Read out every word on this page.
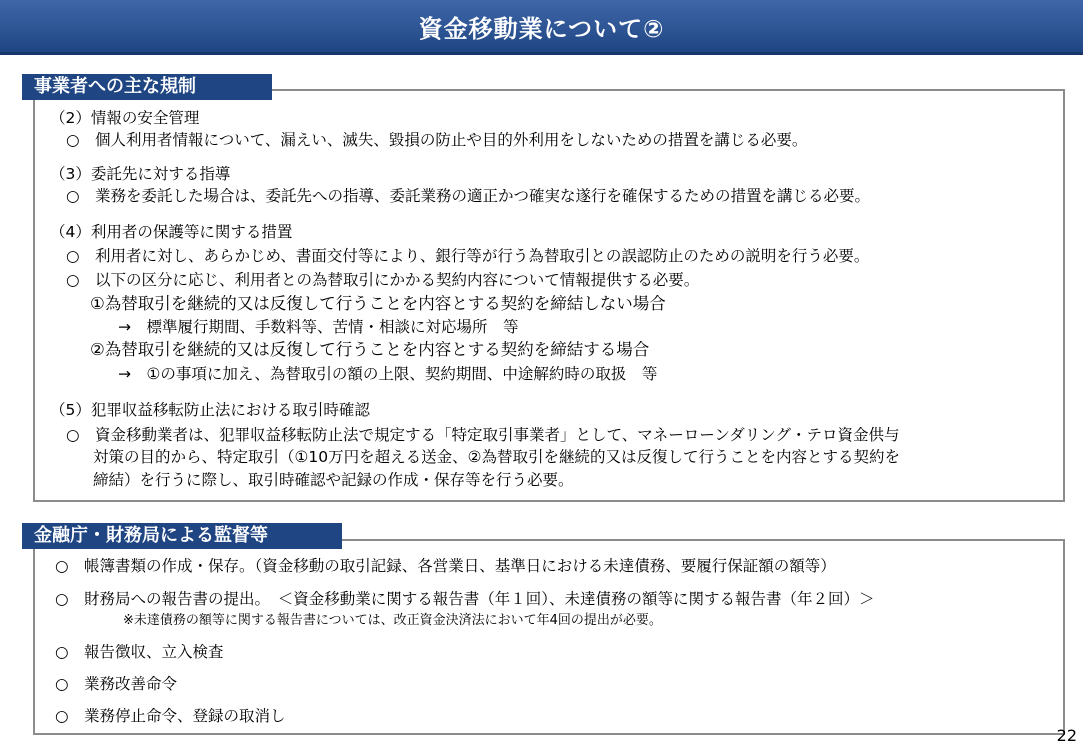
資金移動業について②
事業者への主な規制
（2）情報の安全管理
○　個人利用者情報について、漏えい、滅失、毀損の防止や目的外利用をしないための措置を講じる必要。
（3）委託先に対する指導
○　業務を委託した場合は、委託先への指導、委託業務の適正かつ確実な遂行を確保するための措置を講じる必要。
（4）利用者の保護等に関する措置
○　利用者に対し、あらかじめ、書面交付等により、銀行等が行う為替取引との誤認防止のための説明を行う必要。
○　以下の区分に応じ、利用者との為替取引にかかる契約内容について情報提供する必要。
①為替取引を継続的又は反復して行うことを内容とする契約を締結しない場合
→　標準履行期間、手数料等、苦情・相談に対応場所　等
②為替取引を継続的又は反復して行うことを内容とする契約を締結する場合
→　①の事項に加え、為替取引の額の上限、契約期間、中途解約時の取扱　等
（5）犯罪収益移転防止法における取引時確認
○　資金移動業者は、犯罪収益移転防止法で規定する「特定取引事業者」として、マネーローンダリング・テロ資金供与
対策の目的から、特定取引（①10万円を超える送金、②為替取引を継続的又は反復して行うことを内容とする契約を
締結）を行うに際し、取引時確認や記録の作成・保存等を行う必要。
金融庁・財務局による監督等
○　帳簿書類の作成・保存。（資金移動の取引記録、各営業日、基準日における未達債務、要履行保証額の額等）
○　財務局への報告書の提出。　＜資金移動業に関する報告書（年１回）、未達債務の額等に関する報告書（年２回）＞
※未達債務の額等に関する報告書については、改正資金決済法において年4回の提出が必要。
○　報告徴収、立入検査
○　業務改善命令
○　業務停止命令、登録の取消し
22
